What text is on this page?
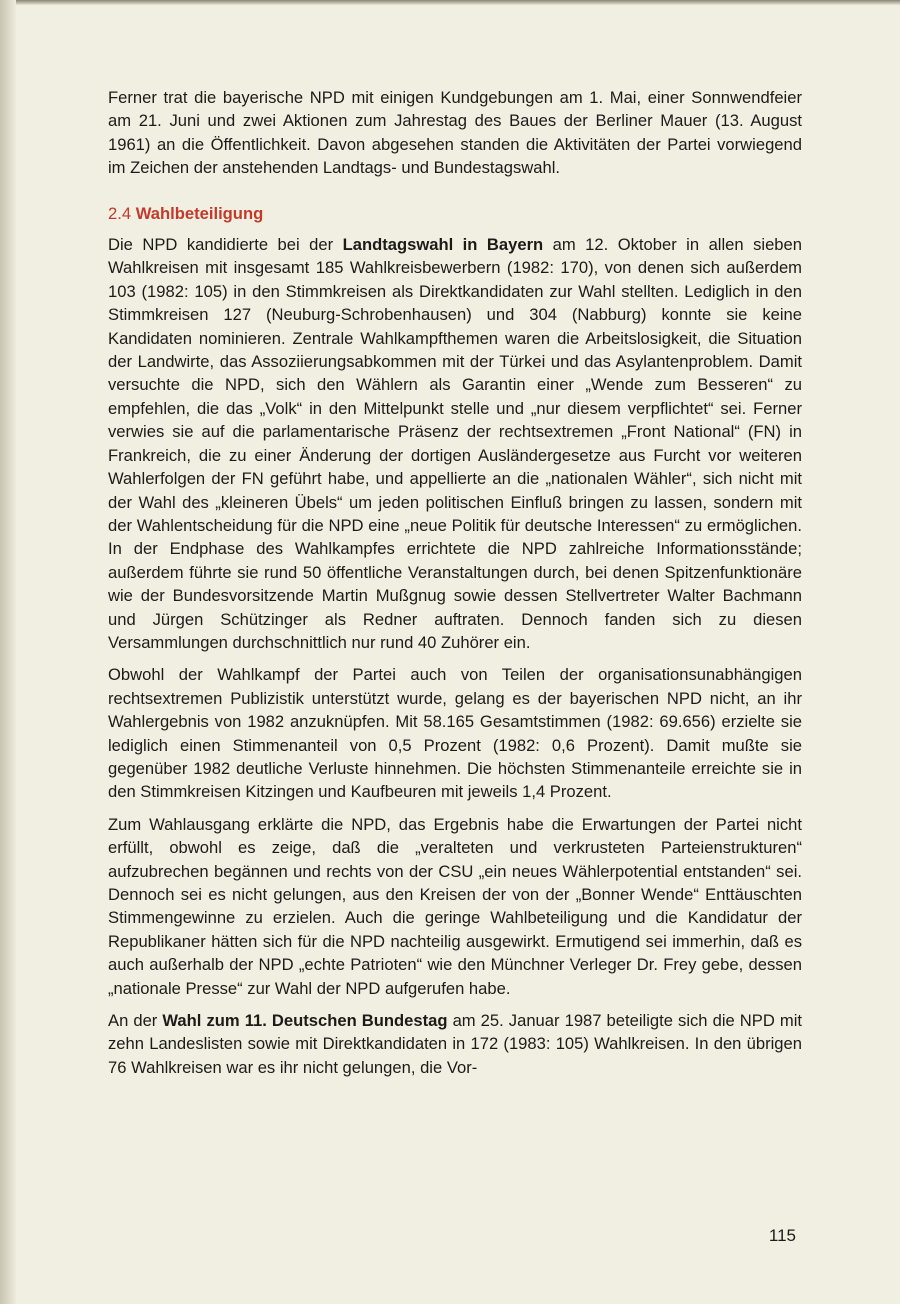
Ferner trat die bayerische NPD mit einigen Kundgebungen am 1. Mai, einer Sonnwendfeier am 21. Juni und zwei Aktionen zum Jahrestag des Baues der Berliner Mauer (13. August 1961) an die Öffentlichkeit. Davon abgesehen standen die Aktivitäten der Partei vorwiegend im Zeichen der anstehenden Landtags- und Bundestagswahl.

2.4 Wahlbeteiligung

Die NPD kandidierte bei der Landtagswahl in Bayern am 12. Oktober in allen sieben Wahlkreisen mit insgesamt 185 Wahlkreisbewerbern (1982: 170), von denen sich außerdem 103 (1982: 105) in den Stimmkreisen als Direktkandidaten zur Wahl stellten. Lediglich in den Stimmkreisen 127 (Neuburg-Schrobenhausen) und 304 (Nabburg) konnte sie keine Kandidaten nominieren. Zentrale Wahlkampfthemen waren die Arbeitslosigkeit, die Situation der Landwirte, das Assoziierungsabkommen mit der Türkei und das Asylantenproblem. Damit versuchte die NPD, sich den Wählern als Garantin einer „Wende zum Besseren“ zu empfehlen, die das „Volk“ in den Mittelpunkt stelle und „nur diesem verpflichtet“ sei. Ferner verwies sie auf die parlamentarische Präsenz der rechtsextremen „Front National“ (FN) in Frankreich, die zu einer Änderung der dortigen Ausländergesetze aus Furcht vor weiteren Wahlerfolgen der FN geführt habe, und appellierte an die „nationalen Wähler“, sich nicht mit der Wahl des „kleineren Übels“ um jeden politischen Einfluß bringen zu lassen, sondern mit der Wahlentscheidung für die NPD eine „neue Politik für deutsche Interessen“ zu ermöglichen. In der Endphase des Wahlkampfes errichtete die NPD zahlreiche Informationsstände; außerdem führte sie rund 50 öffentliche Veranstaltungen durch, bei denen Spitzenfunktionäre wie der Bundesvorsitzende Martin Mußgnug sowie dessen Stellvertreter Walter Bachmann und Jürgen Schützinger als Redner auftraten. Dennoch fanden sich zu diesen Versammlungen durchschnittlich nur rund 40 Zuhörer ein.

Obwohl der Wahlkampf der Partei auch von Teilen der organisationsunabhängigen rechtsextremen Publizistik unterstützt wurde, gelang es der bayerischen NPD nicht, an ihr Wahlergebnis von 1982 anzuknüpfen. Mit 58.165 Gesamtstimmen (1982: 69.656) erzielte sie lediglich einen Stimmenanteil von 0,5 Prozent (1982: 0,6 Prozent). Damit mußte sie gegenüber 1982 deutliche Verluste hinnehmen. Die höchsten Stimmenanteile erreichte sie in den Stimmkreisen Kitzingen und Kaufbeuren mit jeweils 1,4 Prozent.

Zum Wahlausgang erklärte die NPD, das Ergebnis habe die Erwartungen der Partei nicht erfüllt, obwohl es zeige, daß die „veralteten und verkrusteten Parteienstrukturen“ aufzubrechen begännen und rechts von der CSU „ein neues Wählerpotential entstanden“ sei. Dennoch sei es nicht gelungen, aus den Kreisen der von der „Bonner Wende“ Enttäuschten Stimmengewinne zu erzielen. Auch die geringe Wahlbeteiligung und die Kandidatur der Republikaner hätten sich für die NPD nachteilig ausgewirkt. Ermutigend sei immerhin, daß es auch außerhalb der NPD „echte Patrioten“ wie den Münchner Verleger Dr. Frey gebe, dessen „nationale Presse“ zur Wahl der NPD aufgerufen habe.

An der Wahl zum 11. Deutschen Bundestag am 25. Januar 1987 beteiligte sich die NPD mit zehn Landeslisten sowie mit Direktkandidaten in 172 (1983: 105) Wahlkreisen. In den übrigen 76 Wahlkreisen war es ihr nicht gelungen, die Vor-

115
